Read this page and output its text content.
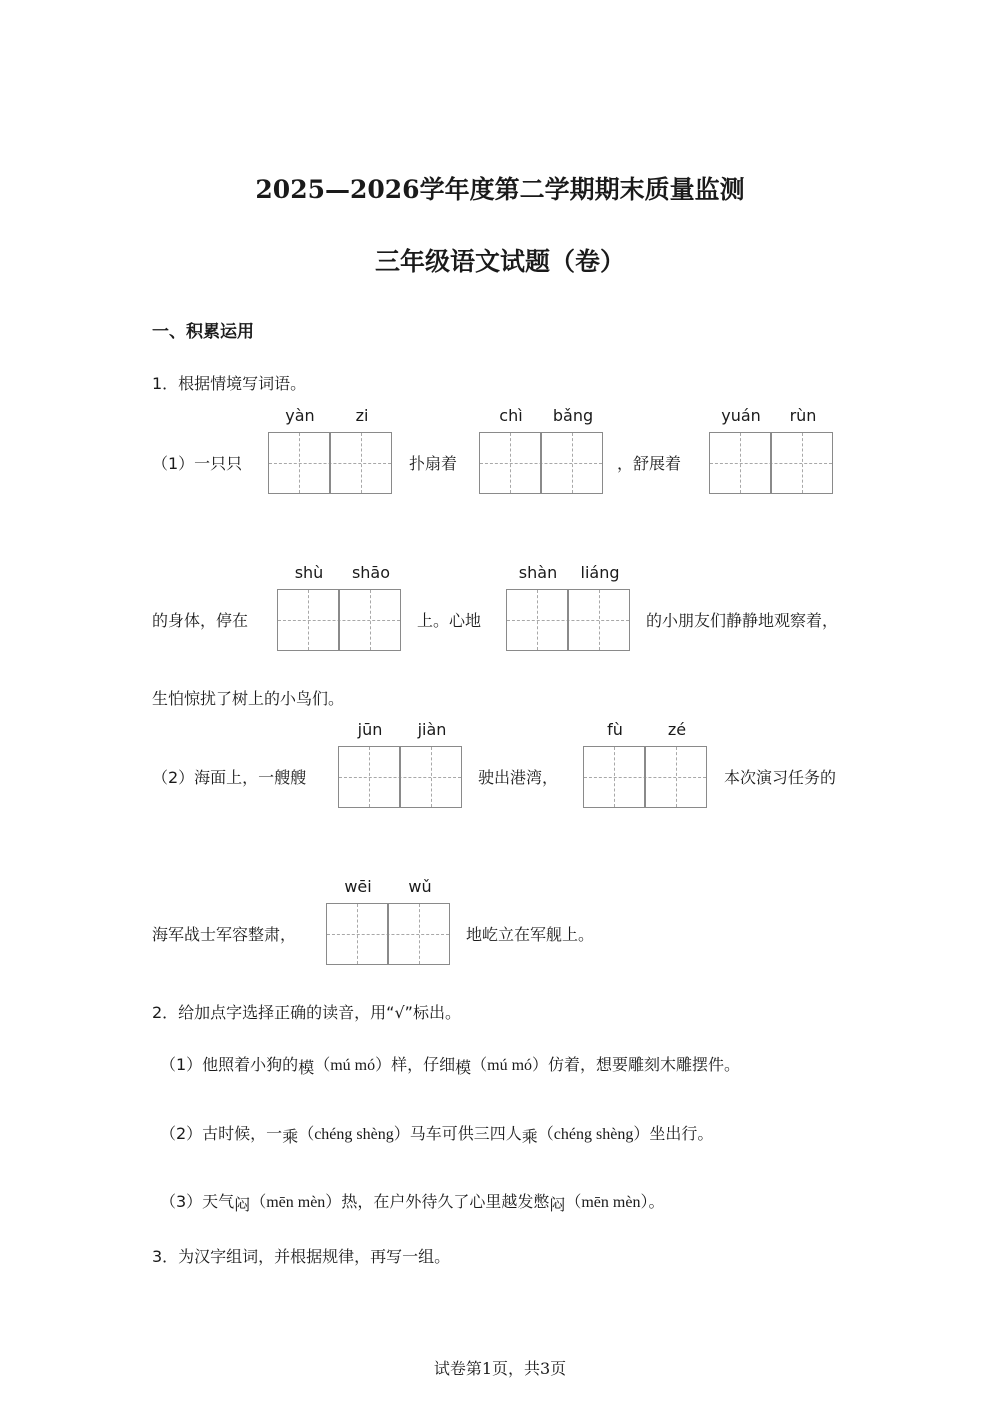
2025—2026学年度第二学期期末质量监测
三年级语文试题（卷）
一、积累运用
1．根据情境写词语。
（1）一只只
yàn	zi
扑扇着
chì	bǎng
，舒展着
yuán	rùn
的身体，停在
shù	shāo
上。心地
shàn	liáng
的小朋友们静静地观察着，
生怕惊扰了树上的小鸟们。
（2）海面上，一艘艘
jūn	jiàn
驶出港湾，
fù	zé
本次演习任务的
海军战士军容整肃，
wēi	wǔ
地屹立在军舰上。
2．给加点字选择正确的读音，用“√”标出。
（1）他照着小狗的模（mú mó）样，仔细模（mú mó）仿着，想要雕刻木雕摆件。
（2）古时候，一乘（chéng shèng）马车可供三四人乘（chéng shèng）坐出行。
（3）天气闷（mēn mèn）热，在户外待久了心里越发憋闷（mēn mèn）。
3．为汉字组词，并根据规律，再写一组。
试卷第1页，共3页
